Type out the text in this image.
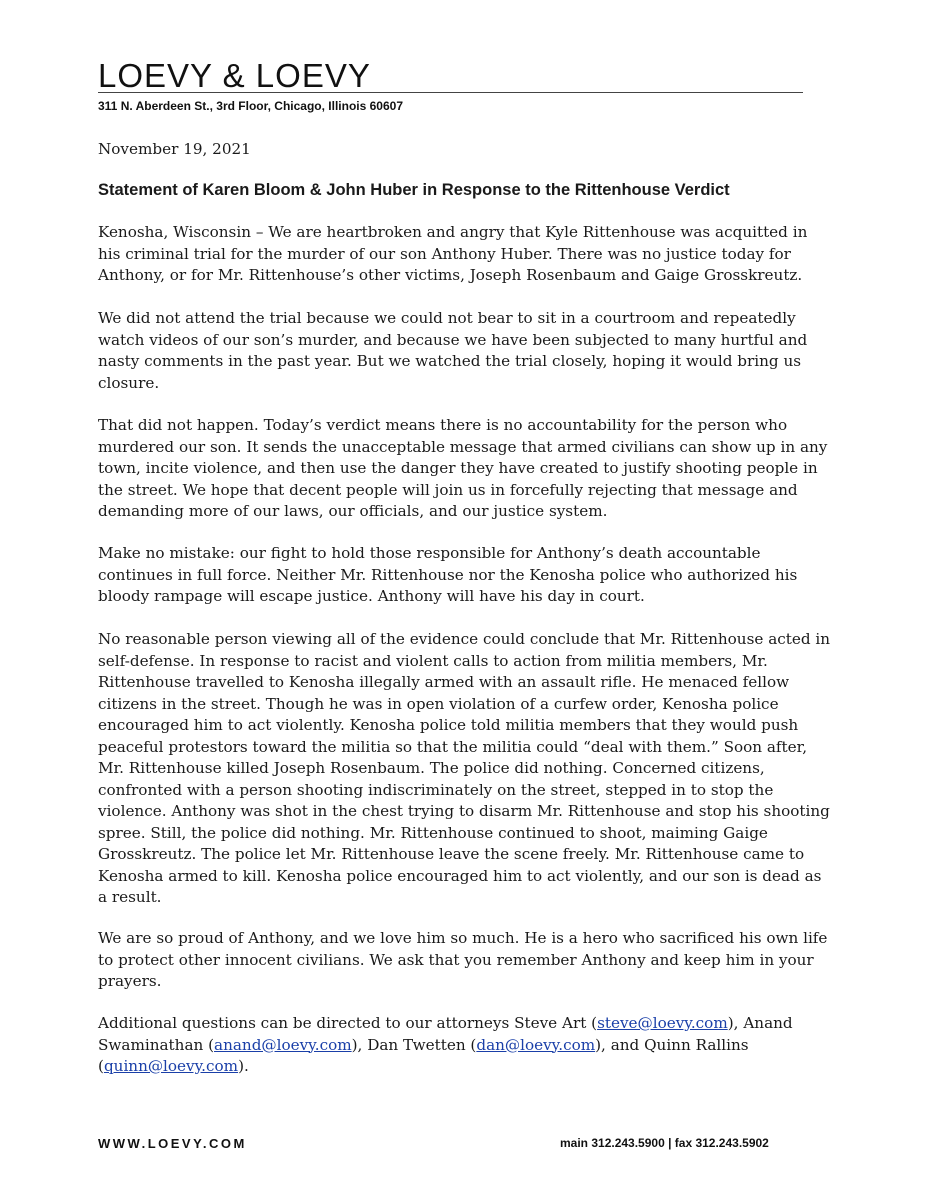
LOEVY & LOEVY
311 N. Aberdeen St., 3rd Floor, Chicago, Illinois 60607

November 19, 2021

Statement of Karen Bloom & John Huber in Response to the Rittenhouse Verdict

Kenosha, Wisconsin – We are heartbroken and angry that Kyle Rittenhouse was acquitted in his criminal trial for the murder of our son Anthony Huber. There was no justice today for Anthony, or for Mr. Rittenhouse’s other victims, Joseph Rosenbaum and Gaige Grosskreutz.

We did not attend the trial because we could not bear to sit in a courtroom and repeatedly watch videos of our son’s murder, and because we have been subjected to many hurtful and nasty comments in the past year. But we watched the trial closely, hoping it would bring us closure.

That did not happen. Today’s verdict means there is no accountability for the person who murdered our son. It sends the unacceptable message that armed civilians can show up in any town, incite violence, and then use the danger they have created to justify shooting people in the street. We hope that decent people will join us in forcefully rejecting that message and demanding more of our laws, our officials, and our justice system.

Make no mistake: our fight to hold those responsible for Anthony’s death accountable continues in full force. Neither Mr. Rittenhouse nor the Kenosha police who authorized his bloody rampage will escape justice. Anthony will have his day in court.

No reasonable person viewing all of the evidence could conclude that Mr. Rittenhouse acted in self-defense. In response to racist and violent calls to action from militia members, Mr. Rittenhouse travelled to Kenosha illegally armed with an assault rifle. He menaced fellow citizens in the street. Though he was in open violation of a curfew order, Kenosha police encouraged him to act violently. Kenosha police told militia members that they would push peaceful protestors toward the militia so that the militia could “deal with them.” Soon after, Mr. Rittenhouse killed Joseph Rosenbaum. The police did nothing. Concerned citizens, confronted with a person shooting indiscriminately on the street, stepped in to stop the violence. Anthony was shot in the chest trying to disarm Mr. Rittenhouse and stop his shooting spree. Still, the police did nothing. Mr. Rittenhouse continued to shoot, maiming Gaige Grosskreutz. The police let Mr. Rittenhouse leave the scene freely. Mr. Rittenhouse came to Kenosha armed to kill. Kenosha police encouraged him to act violently, and our son is dead as a result.

We are so proud of Anthony, and we love him so much. He is a hero who sacrificed his own life to protect other innocent civilians. We ask that you remember Anthony and keep him in your prayers.

Additional questions can be directed to our attorneys Steve Art (steve@loevy.com), Anand Swaminathan (anand@loevy.com), Dan Twetten (dan@loevy.com), and Quinn Rallins (quinn@loevy.com).

WWW.LOEVY.COM	main 312.243.5900 | fax 312.243.5902
